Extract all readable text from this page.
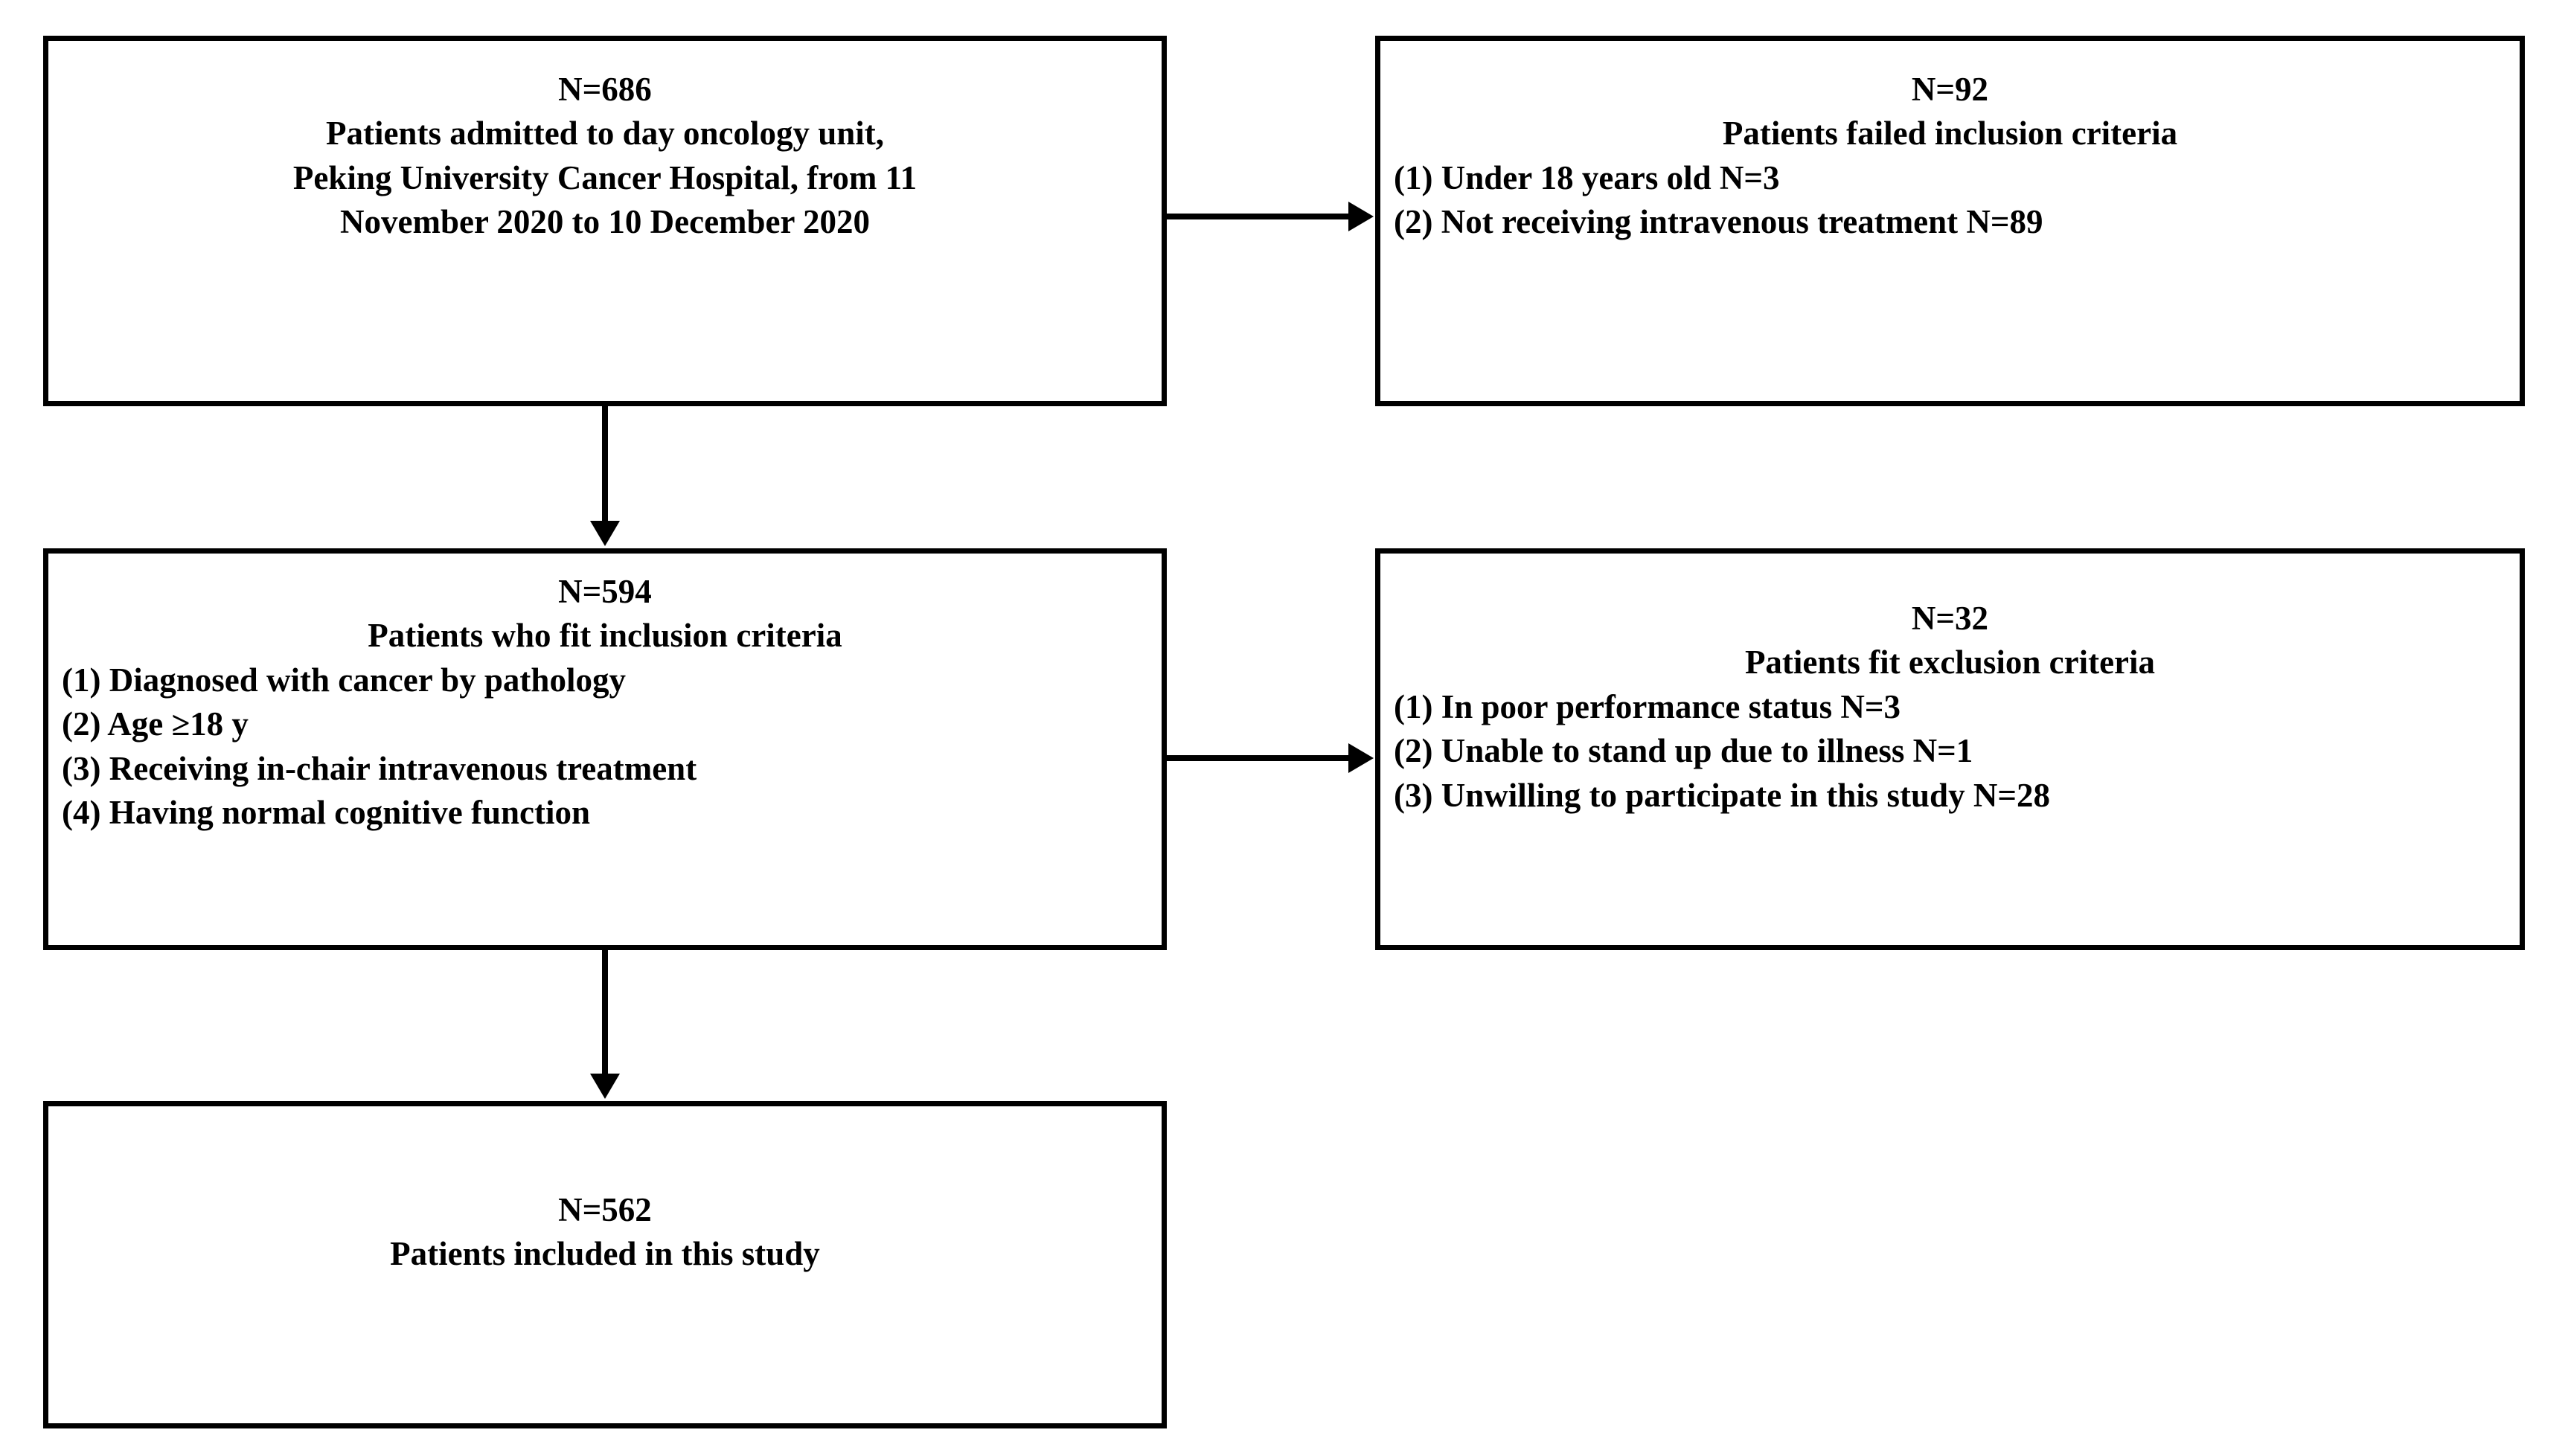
N=686
Patients admitted to day oncology unit,
Peking University Cancer Hospital, from 11
November 2020 to 10 December 2020
N=92
Patients failed inclusion criteria
(1) Under 18 years old N=3
(2) Not receiving intravenous treatment N=89
N=594
Patients who fit inclusion criteria
(1) Diagnosed with cancer by pathology
(2) Age ≥18 y
(3) Receiving in-chair intravenous treatment
(4) Having normal cognitive function
N=32
Patients fit exclusion criteria
(1) In poor performance status N=3
(2) Unable to stand up due to illness N=1
(3) Unwilling to participate in this study N=28
N=562
Patients included in this study
